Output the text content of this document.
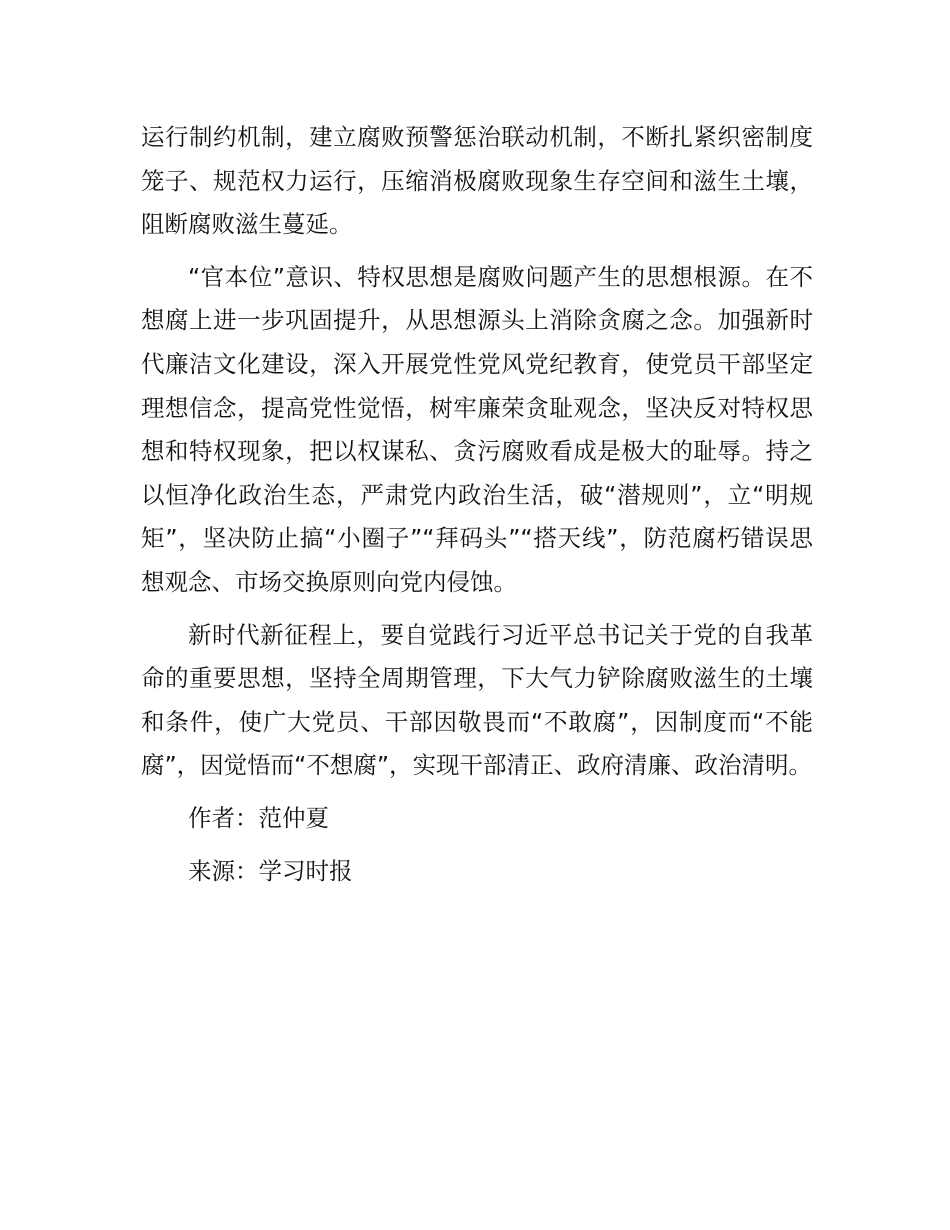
运行制约机制，建立腐败预警惩治联动机制，不断扎紧织密制度笼子、规范权力运行，压缩消极腐败现象生存空间和滋生土壤，阻断腐败滋生蔓延。

“官本位”意识、特权思想是腐败问题产生的思想根源。在不想腐上进一步巩固提升，从思想源头上消除贪腐之念。加强新时代廉洁文化建设，深入开展党性党风党纪教育，使党员干部坚定理想信念，提高党性觉悟，树牢廉荣贪耻观念，坚决反对特权思想和特权现象，把以权谋私、贪污腐败看成是极大的耻辱。持之以恒净化政治生态，严肃党内政治生活，破“潜规则”，立“明规矩”，坚决防止搞“小圈子”“拜码头”“搭天线”，防范腐朽错误思想观念、市场交换原则向党内侵蚀。

新时代新征程上，要自觉践行习近平总书记关于党的自我革命的重要思想，坚持全周期管理，下大气力铲除腐败滋生的土壤和条件，使广大党员、干部因敬畏而“不敢腐”，因制度而“不能腐”，因觉悟而“不想腐”，实现干部清正、政府清廉、政治清明。

作者：范仲夏

来源：学习时报
